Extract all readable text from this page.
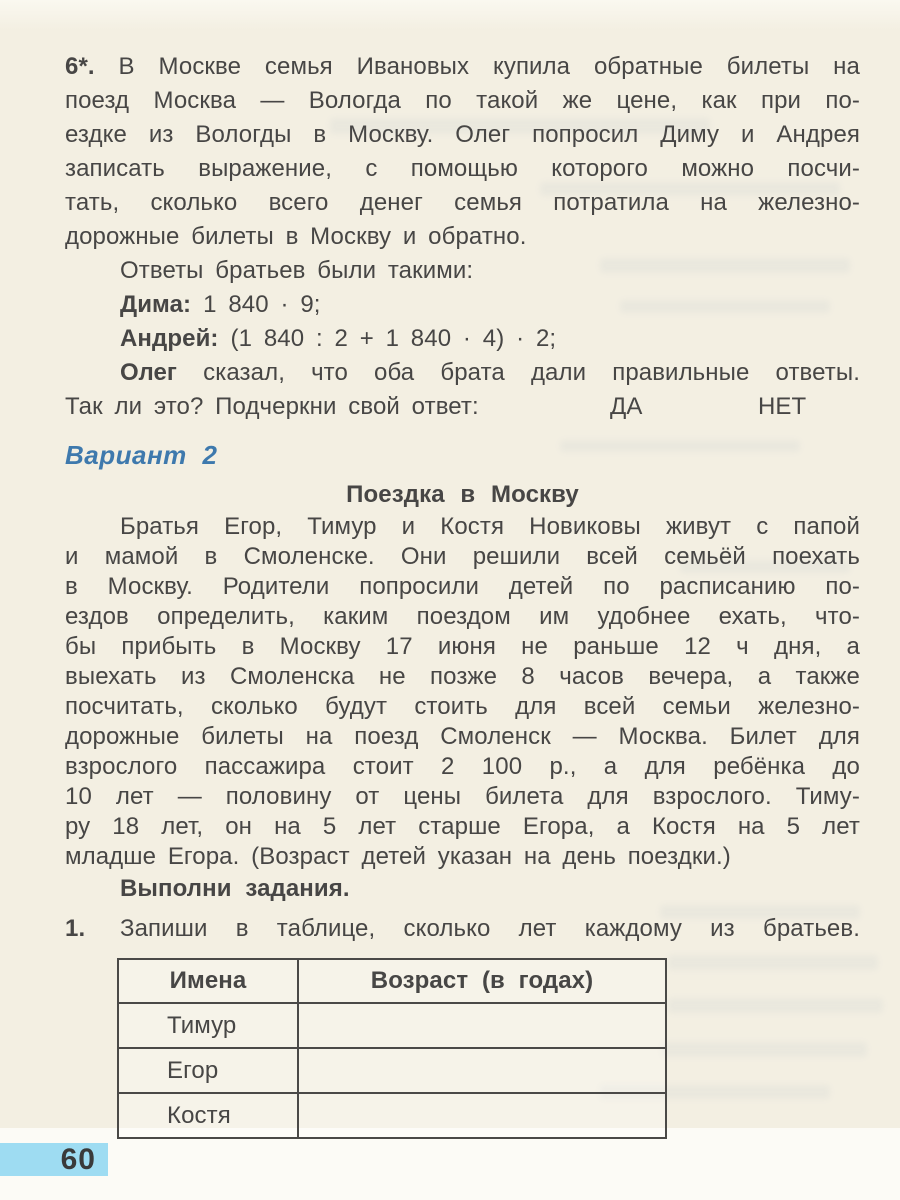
6*. В Москве семья Ивановых купила обратные билеты на
поезд Москва — Вологда по такой же цене, как при по-
ездке из Вологды в Москву. Олег попросил Диму и Андрея
записать выражение, с помощью которого можно посчи-
тать, сколько всего денег семья потратила на железно-
дорожные билеты в Москву и обратно.
Ответы братьев были такими:
Дима: 1 840 · 9;
Андрей: (1 840 : 2 + 1 840 · 4) · 2;
Олег сказал, что оба брата дали правильные ответы.
Так ли это? Подчеркни свой ответ:	ДА	НЕТ
Вариант 2
Поездка в Москву
Братья Егор, Тимур и Костя Новиковы живут с папой
и мамой в Смоленске. Они решили всей семьёй поехать
в Москву. Родители попросили детей по расписанию по-
ездов определить, каким поездом им удобнее ехать, что-
бы прибыть в Москву 17 июня не раньше 12 ч дня, а
выехать из Смоленска не позже 8 часов вечера, а также
посчитать, сколько будут стоить для всей семьи железно-
дорожные билеты на поезд Смоленск — Москва. Билет для
взрослого пассажира стоит 2 100 р., а для ребёнка до
10 лет — половину от цены билета для взрослого. Тиму-
ру 18 лет, он на 5 лет старше Егора, а Костя на 5 лет
младше Егора. (Возраст детей указан на день поездки.)
Выполни задания.
1.	Запиши в таблице, сколько лет каждому из братьев.
Имена	Возраст (в годах)
Тимур	
Егор	
Костя	
60
